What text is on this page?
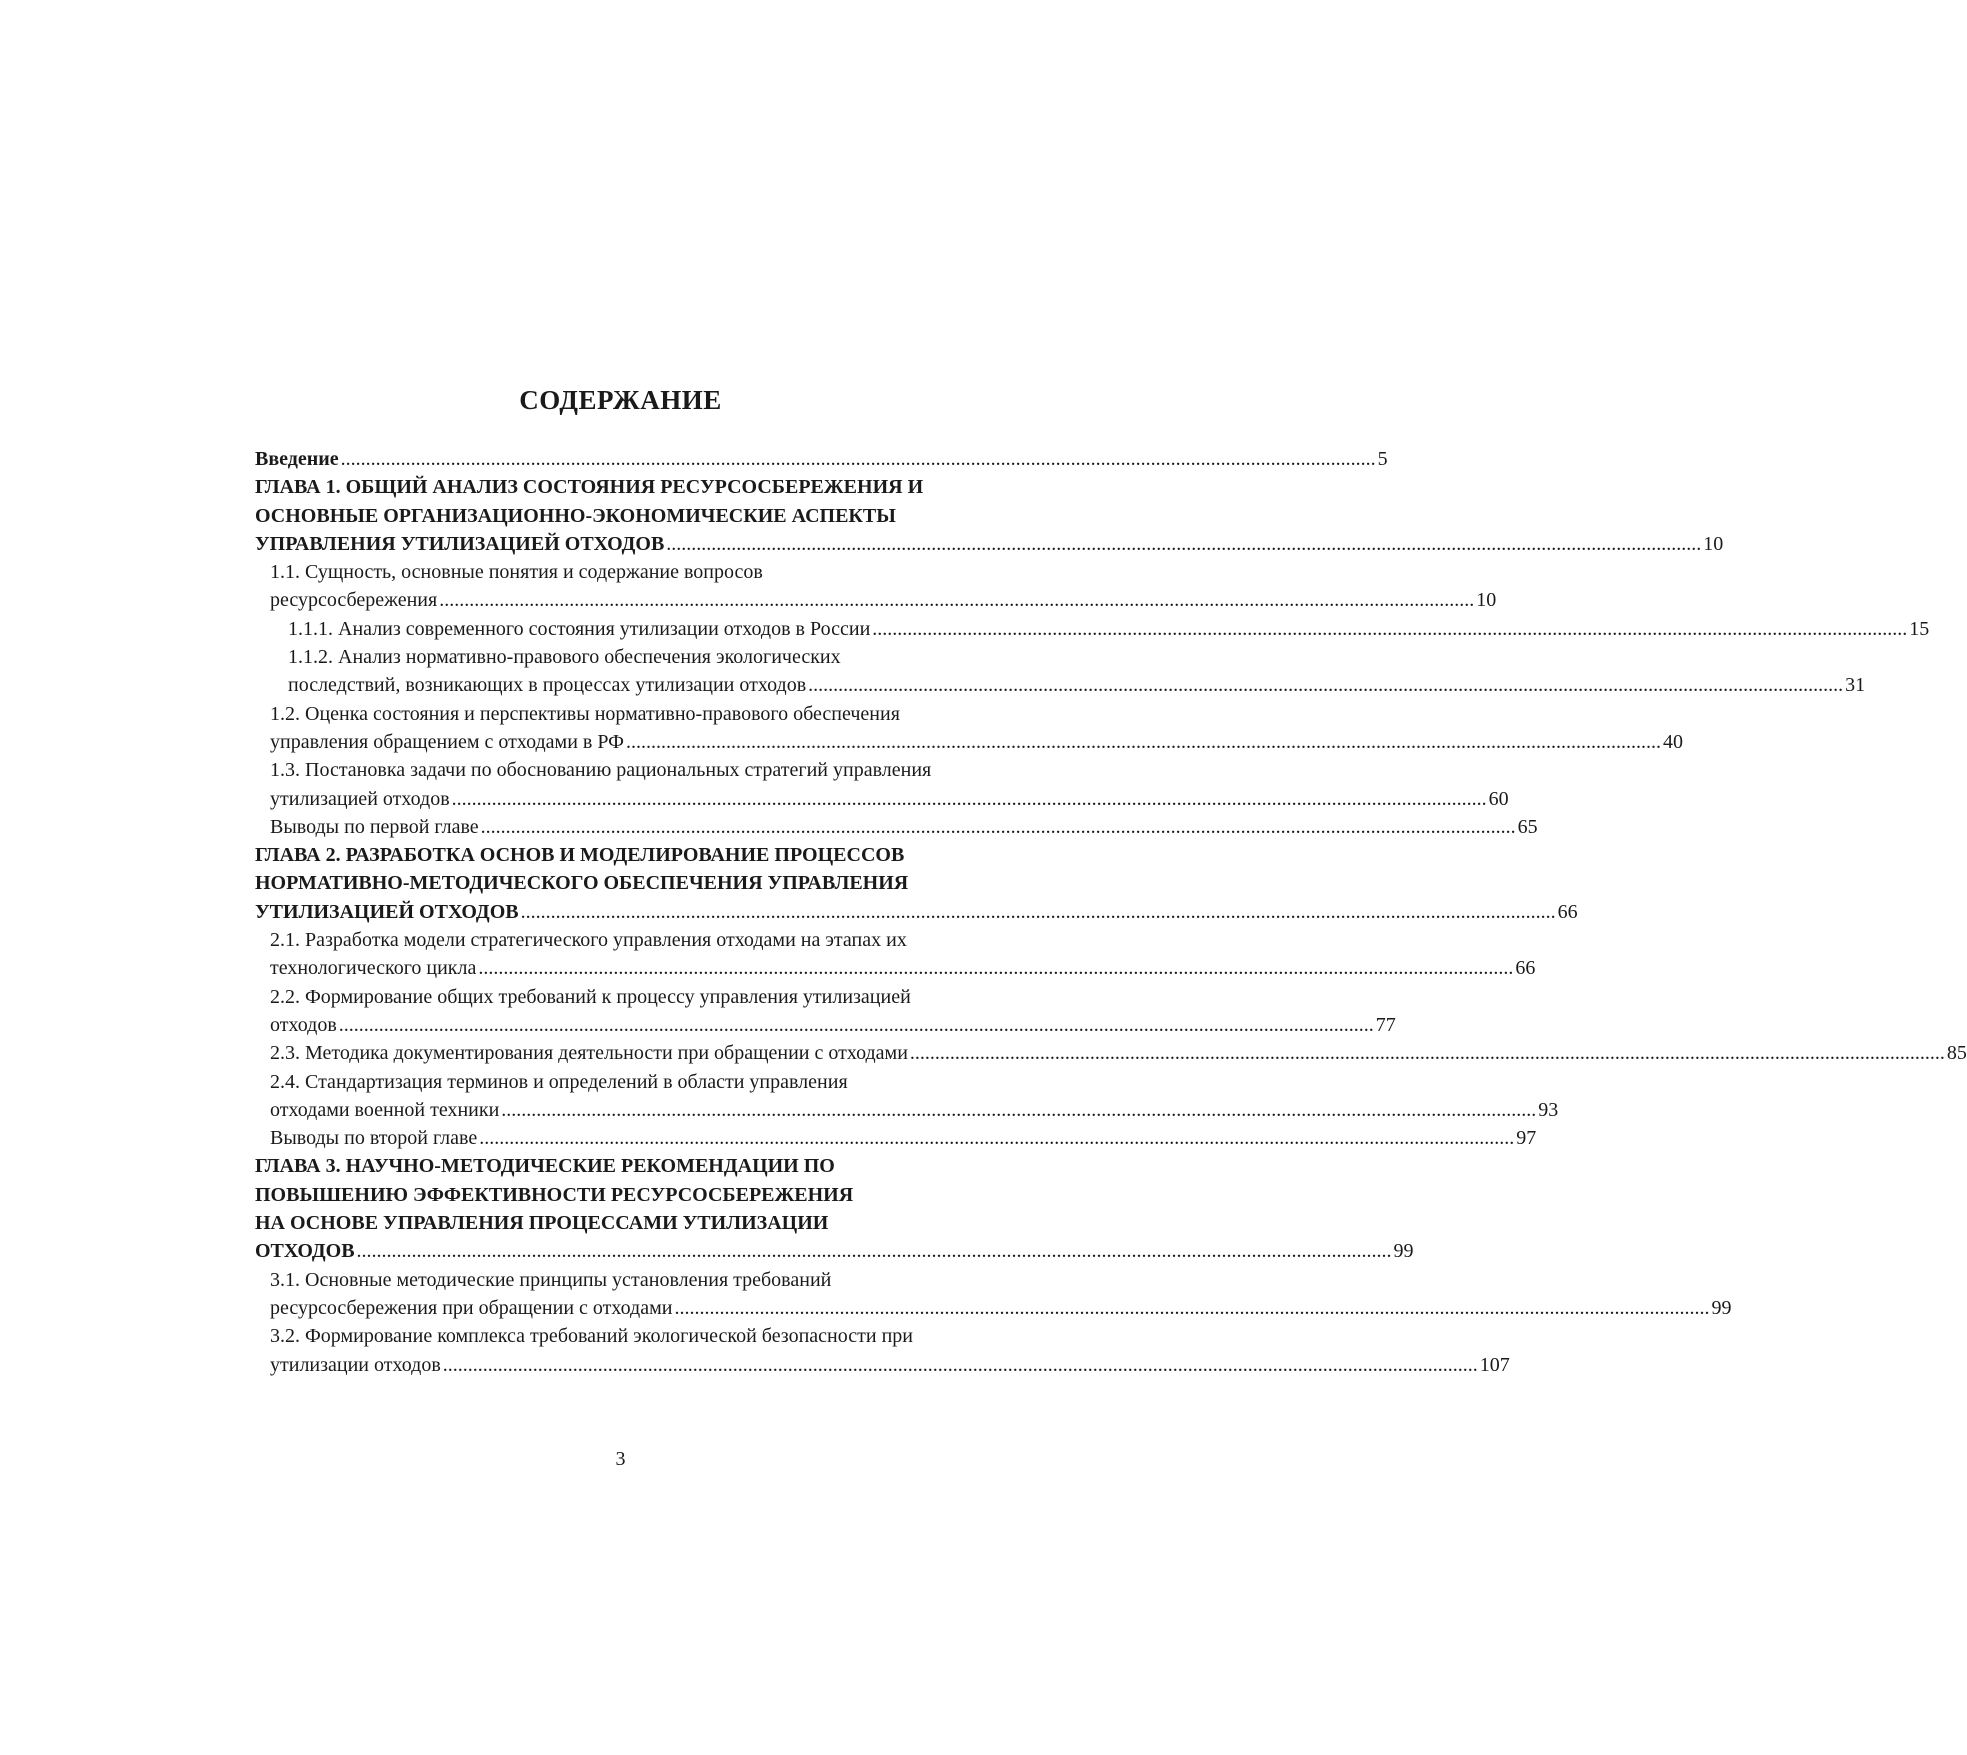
СОДЕРЖАНИЕ
Введение ............................................................................................................................................................................................................... 5
ГЛАВА 1. ОБЩИЙ АНАЛИЗ СОСТОЯНИЯ РЕСУРСОСБЕРЕЖЕНИЯ И
ОСНОВНЫЕ ОРГАНИЗАЦИОННО-ЭКОНОМИЧЕСКИЕ АСПЕКТЫ
УПРАВЛЕНИЯ УТИЛИЗАЦИЕЙ ОТХОДОВ ............................................................................................................................................................................................................... 10
1.1. Сущность, основные понятия и содержание вопросов
ресурсосбережения ............................................................................................................................................................................................................... 10
1.1.1. Анализ современного состояния утилизации отходов в России ............................................................................................................................................................................................................... 15
1.1.2. Анализ нормативно-правового обеспечения экологических
последствий, возникающих в процессах утилизации отходов ............................................................................................................................................................................................................... 31
1.2. Оценка состояния и перспективы нормативно-правового обеспечения
управления обращением с отходами в РФ ............................................................................................................................................................................................................... 40
1.3. Постановка задачи по обоснованию рациональных стратегий управления
утилизацией отходов ............................................................................................................................................................................................................... 60
Выводы по первой главе ............................................................................................................................................................................................................... 65
ГЛАВА 2. РАЗРАБОТКА ОСНОВ И МОДЕЛИРОВАНИЕ ПРОЦЕССОВ
НОРМАТИВНО-МЕТОДИЧЕСКОГО ОБЕСПЕЧЕНИЯ УПРАВЛЕНИЯ
УТИЛИЗАЦИЕЙ ОТХОДОВ ............................................................................................................................................................................................................... 66
2.1. Разработка модели стратегического управления отходами на этапах их
технологического цикла ............................................................................................................................................................................................................... 66
2.2. Формирование общих требований к процессу управления утилизацией
отходов ............................................................................................................................................................................................................... 77
2.3. Методика документирования деятельности при обращении с отходами ............................................................................................................................................................................................................... 85
2.4. Стандартизация терминов и определений в области управления
отходами военной техники ............................................................................................................................................................................................................... 93
Выводы по второй главе ............................................................................................................................................................................................................... 97
ГЛАВА 3. НАУЧНО-МЕТОДИЧЕСКИЕ РЕКОМЕНДАЦИИ ПО
ПОВЫШЕНИЮ ЭФФЕКТИВНОСТИ РЕСУРСОСБЕРЕЖЕНИЯ
НА ОСНОВЕ УПРАВЛЕНИЯ ПРОЦЕССАМИ УТИЛИЗАЦИИ
ОТХОДОВ ............................................................................................................................................................................................................... 99
3.1. Основные методические принципы установления требований
ресурсосбережения при обращении с отходами ............................................................................................................................................................................................................... 99
3.2. Формирование комплекса требований экологической безопасности при
утилизации отходов ............................................................................................................................................................................................................... 107
3
